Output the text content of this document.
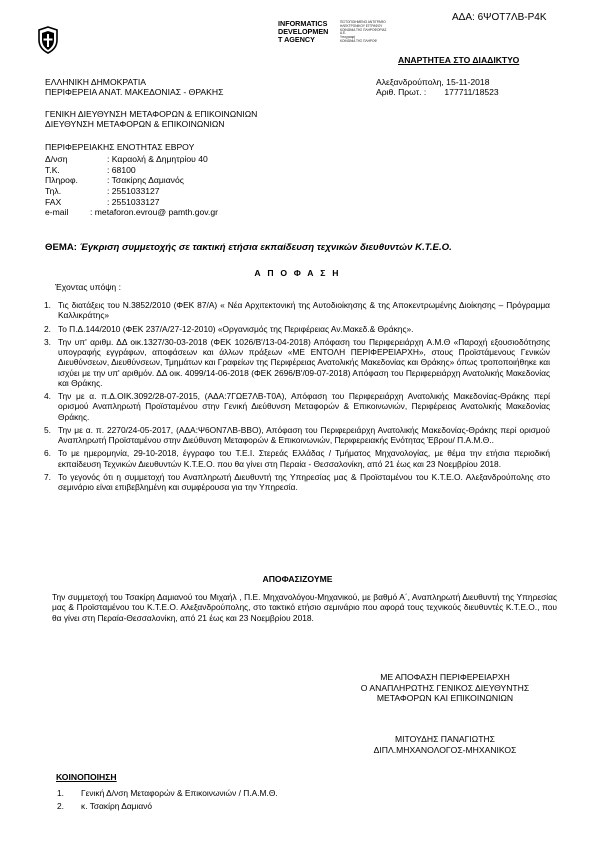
ΑΔΑ: 6ΨΟΤ7ΛΒ-Ρ4Κ
INFORMATICS
DEVELOPMEN
T AGENCY
ΠΙΣΤΟΠΟΙΗΜΕΝΟ ΑΝΤΙΓΡΑΦΟ
ΗΛΕΚΤΡΟΝΙΚΟΥ ΕΓΓΡΑΦΟΥ
ΚΟΙΝΩΝΙΑ ΤΗΣ ΠΛΗΡΟΦΟΡΙΑΣ
Α.Ε.
Υπογραφή
ΚΟΙΝΩΝΙΑ ΤΗΣ ΠΛΗΡΟΦ
ΑΝΑΡΤΗΤΕΑ ΣΤΟ ΔΙΑΔΙΚΤΥΟ
ΕΛΛΗΝΙΚΗ ΔΗΜΟΚΡΑΤΙΑ
ΠΕΡΙΦΕΡΕΙΑ ΑΝΑΤ. ΜΑΚΕΔΟΝΙΑΣ - ΘΡΑΚΗΣ
Αλεξανδρούπολη, 15-11-2018
Αριθ. Πρωτ. : 177711/18523
ΓΕΝΙΚΗ ΔΙΕΥΘΥΝΣΗ ΜΕΤΑΦΟΡΩΝ & ΕΠΙΚΟΙΝΩΝΙΩΝ
ΔΙΕΥΘΥΝΣΗ ΜΕΤΑΦΟΡΩΝ & ΕΠΙΚΟΙΝΩΝΙΩΝ
ΠΕΡΙΦΕΡΕΙΑΚΗΣ ΕΝΟΤΗΤΑΣ ΕΒΡΟΥ
Δ/νση	: Καραολή & Δημητρίου 40
Τ.Κ.	: 68100
Πληροφ.	: Τσακίρης Δαμιανός
Τηλ.	: 2551033127
FAX	: 2551033127
e-mail	: metaforon.evrou@ pamth.gov.gr
ΘΕΜΑ: Έγκριση συμμετοχής σε τακτική ετήσια εκπαίδευση τεχνικών διευθυντών Κ.Τ.Ε.Ο.
Α Π Ο Φ Α Σ Η
Έχοντας υπόψη :
1. Τις διατάξεις του Ν.3852/2010 (ΦΕΚ 87/Α) « Νέα Αρχιτεκτονική της Αυτοδιοίκησης & της Αποκεντρωμένης Διοίκησης – Πρόγραμμα Καλλικράτης»
2. Το Π.Δ.144/2010 (ΦΕΚ 237/Α/27-12-2010) «Οργανισμός της Περιφέρειας Αν.Μακεδ.& Θράκης».
3. Την υπ' αριθμ. ΔΔ οικ.1327/30-03-2018 (ΦΕΚ 1026/Β'/13-04-2018) Απόφαση του Περιφερειάρχη Α.Μ.Θ «Παροχή εξουσιοδότησης υπογραφής εγγράφων, αποφάσεων και άλλων πράξεων «ΜΕ ΕΝΤΟΛΗ ΠΕΡΙΦΕΡΕΙΑΡΧΗ», στους Προϊστάμενους Γενικών Διευθύνσεων, Διευθύνσεων, Τμημάτων και Γραφείων της Περιφέρειας Ανατολικής Μακεδονίας και Θράκης» όπως τροποποιήθηκε και ισχύει με την υπ' αριθμόν. ΔΔ οικ. 4099/14-06-2018 (ΦΕΚ 2696/Β'/09-07-2018) Απόφαση του Περιφερειάρχη Ανατολικής Μακεδονίας και Θράκης.
4. Την με α. π.Δ.ΟΙΚ.3092/28-07-2015, (ΑΔΑ:7ΓΩΕ7ΛΒ-Τ0Α), Απόφαση του Περιφερειάρχη Ανατολικής Μακεδονίας-Θράκης περί ορισμού Αναπληρωτή Προϊσταμένου στην Γενική Διεύθυνση Μεταφορών & Επικοινωνιών, Περιφέρειας Ανατολικής Μακεδονίας Θράκης.
5. Την με α. π. 2270/24-05-2017, (ΑΔΑ:Ψ6ΟΝ7ΛΒ-ΒΒΟ), Απόφαση του Περιφερειάρχη Ανατολικής Μακεδονίας-Θράκης περί ορισμού Αναπληρωτή Προϊσταμένου στην Διεύθυνση Μεταφορών & Επικοινωνιών, Περιφερειακής Ενότητας Έβρου/ Π.Α.Μ.Θ..
6. Το με ημερομηνία, 29-10-2018, έγγραφο του Τ.Ε.Ι. Στερεάς Ελλάδας / Τμήματος Μηχανολογίας, με θέμα την ετήσια περιοδική εκπαίδευση Τεχνικών Διευθυντών Κ.Τ.Ε.Ο. που θα γίνει στη Περαία - Θεσσαλονίκη, από 21 έως και 23 Νοεμβρίου 2018.
7. Το γεγονός ότι η συμμετοχή του Αναπληρωτή Διευθυντή της Υπηρεσίας μας & Προϊσταμένου του Κ.Τ.Ε.Ο. Αλεξανδρούπολης στο σεμινάριο είναι επιβεβλημένη και συμφέρουσα για την Υπηρεσία.
ΑΠΟΦΑΣΙΖΟΥΜΕ
Την συμμετοχή του Τσακίρη Δαμιανού του Μιχαήλ , Π.Ε. Μηχανολόγου-Μηχανικού, με βαθμό Α΄, Αναπληρωτή Διευθυντή της Υπηρεσίας μας & Προϊσταμένου του Κ.Τ.Ε.Ο. Αλεξανδρούπολης, στο τακτικό ετήσιο σεμινάριο που αφορά τους τεχνικούς διευθυντές Κ.Τ.Ε.Ο., που θα γίνει στη Περαία-Θεσσαλονίκη, από 21 έως και 23 Νοεμβρίου 2018.
ΜΕ ΑΠΟΦΑΣΗ ΠΕΡΙΦΕΡΕΙΑΡΧΗ
Ο ΑΝΑΠΛΗΡΩΤΗΣ ΓΕΝΙΚΟΣ ΔΙΕΥΘΥΝΤΗΣ
ΜΕΤΑΦΟΡΩΝ ΚΑΙ ΕΠΙΚΟΙΝΩΝΙΩΝ
ΜΙΤΟΥΔΗΣ ΠΑΝΑΓΙΩΤΗΣ
ΔΙΠΛ.ΜΗΧΑΝΟΛΟΓΟΣ-ΜΗΧΑΝΙΚΟΣ
ΚΟΙΝΟΠΟΙΗΣΗ
1. Γενική Δ/νση Μεταφορών & Επικοινωνιών / Π.Α.Μ.Θ.
2. κ. Τσακίρη Δαμιανό
